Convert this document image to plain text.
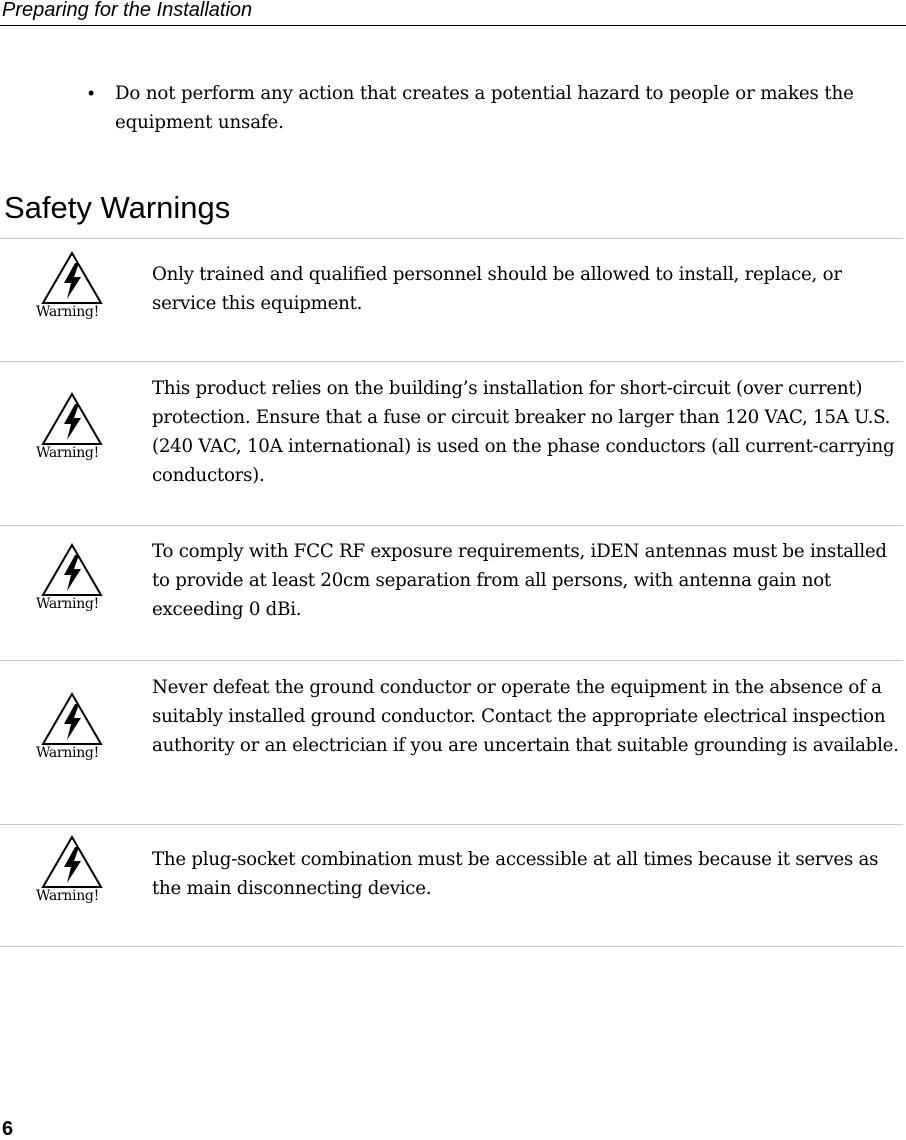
Preparing for the Installation
• Do not perform any action that creates a potential hazard to people or makes the equipment unsafe.
Safety Warnings
Warning!
Only trained and qualified personnel should be allowed to install, replace, or service this equipment.
Warning!
This product relies on the building’s installation for short-circuit (over current) protection. Ensure that a fuse or circuit breaker no larger than 120 VAC, 15A U.S. (240 VAC, 10A international) is used on the phase conductors (all current-carrying conductors).
Warning!
To comply with FCC RF exposure requirements, iDEN antennas must be installed to provide at least 20cm separation from all persons, with antenna gain not exceeding 0 dBi.
Warning!
Never defeat the ground conductor or operate the equipment in the absence of a suitably installed ground conductor. Contact the appropriate electrical inspection authority or an electrician if you are uncertain that suitable grounding is available.
Warning!
The plug-socket combination must be accessible at all times because it serves as the main disconnecting device.
6
